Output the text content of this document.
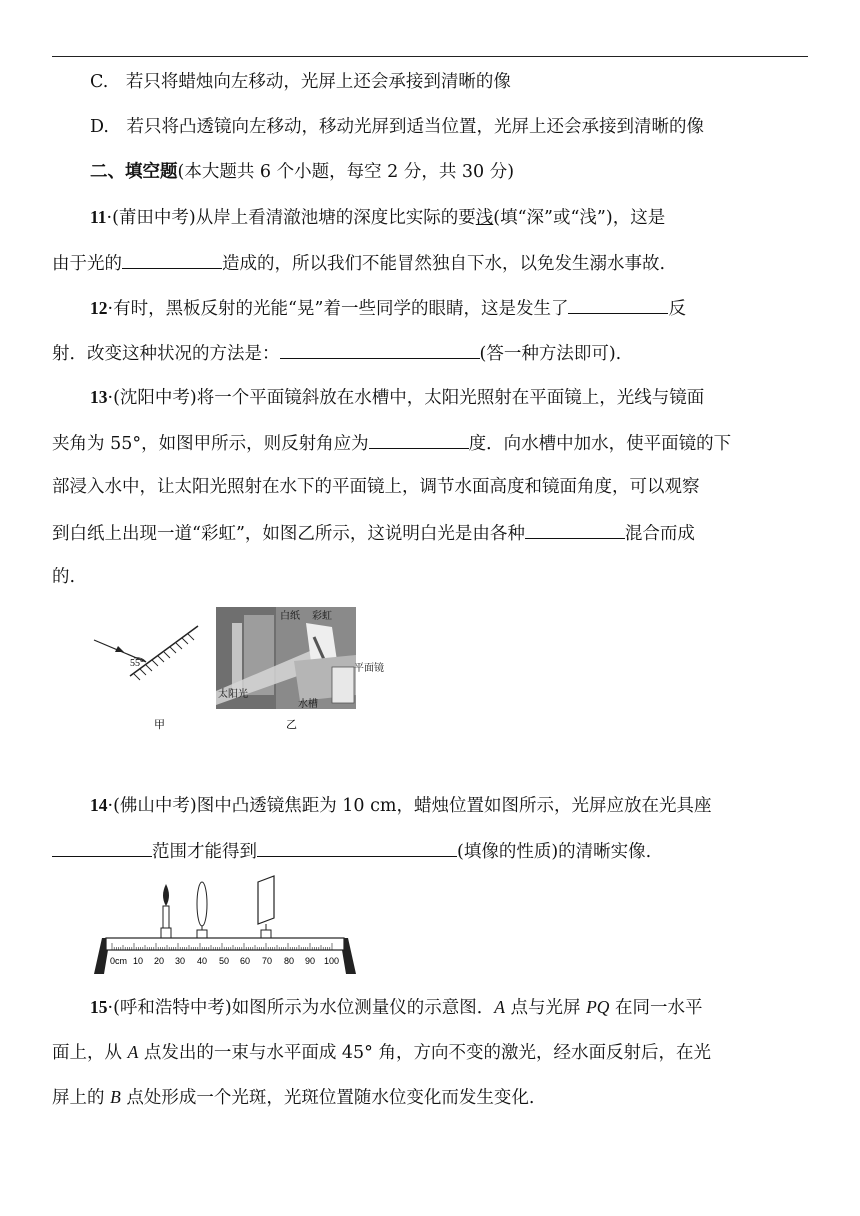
C.　若只将蜡烛向左移动，光屏上还会承接到清晰的像
D.　若只将凸透镜向左移动，移动光屏到适当位置，光屏上还会承接到清晰的像
二、填空题(本大题共 6 个小题，每空 2 分，共 30 分)
11·(莆田中考)从岸上看清澈池塘的深度比实际的要浅(填“深”或“浅”)，这是
由于光的	造成的，所以我们不能冒然独自下水，以免发生溺水事故.
12·有时，黑板反射的光能“晃”着一些同学的眼睛，这是发生了	反
射．改变这种状况的方法是：	(答一种方法即可).
13·(沈阳中考)将一个平面镜斜放在水槽中，太阳光照射在平面镜上，光线与镜面
夹角为 55°，如图甲所示，则反射角应为	度．向水槽中加水，使平面镜的下
部浸入水中，让太阳光照射在水下的平面镜上，调节水面高度和镜面角度，可以观察
到白纸上出现一道“彩虹”，如图乙所示，这说明白光是由各种	混合而成
的.
55°
甲
白纸 彩虹
平面镜
太阳光
水槽
乙
14·(佛山中考)图中凸透镜焦距为 10 cm，蜡烛位置如图所示，光屏应放在光具座
范围才能得到	(填像的性质)的清晰实像.
0cm 10 20 30 40 50 60 70 80 90 100
15·(呼和浩特中考)如图所示为水位测量仪的示意图．A 点与光屏 PQ 在同一水平
面上，从 A 点发出的一束与水平面成 45° 角，方向不变的激光，经水面反射后，在光
屏上的 B 点处形成一个光斑，光斑位置随水位变化而发生变化.
